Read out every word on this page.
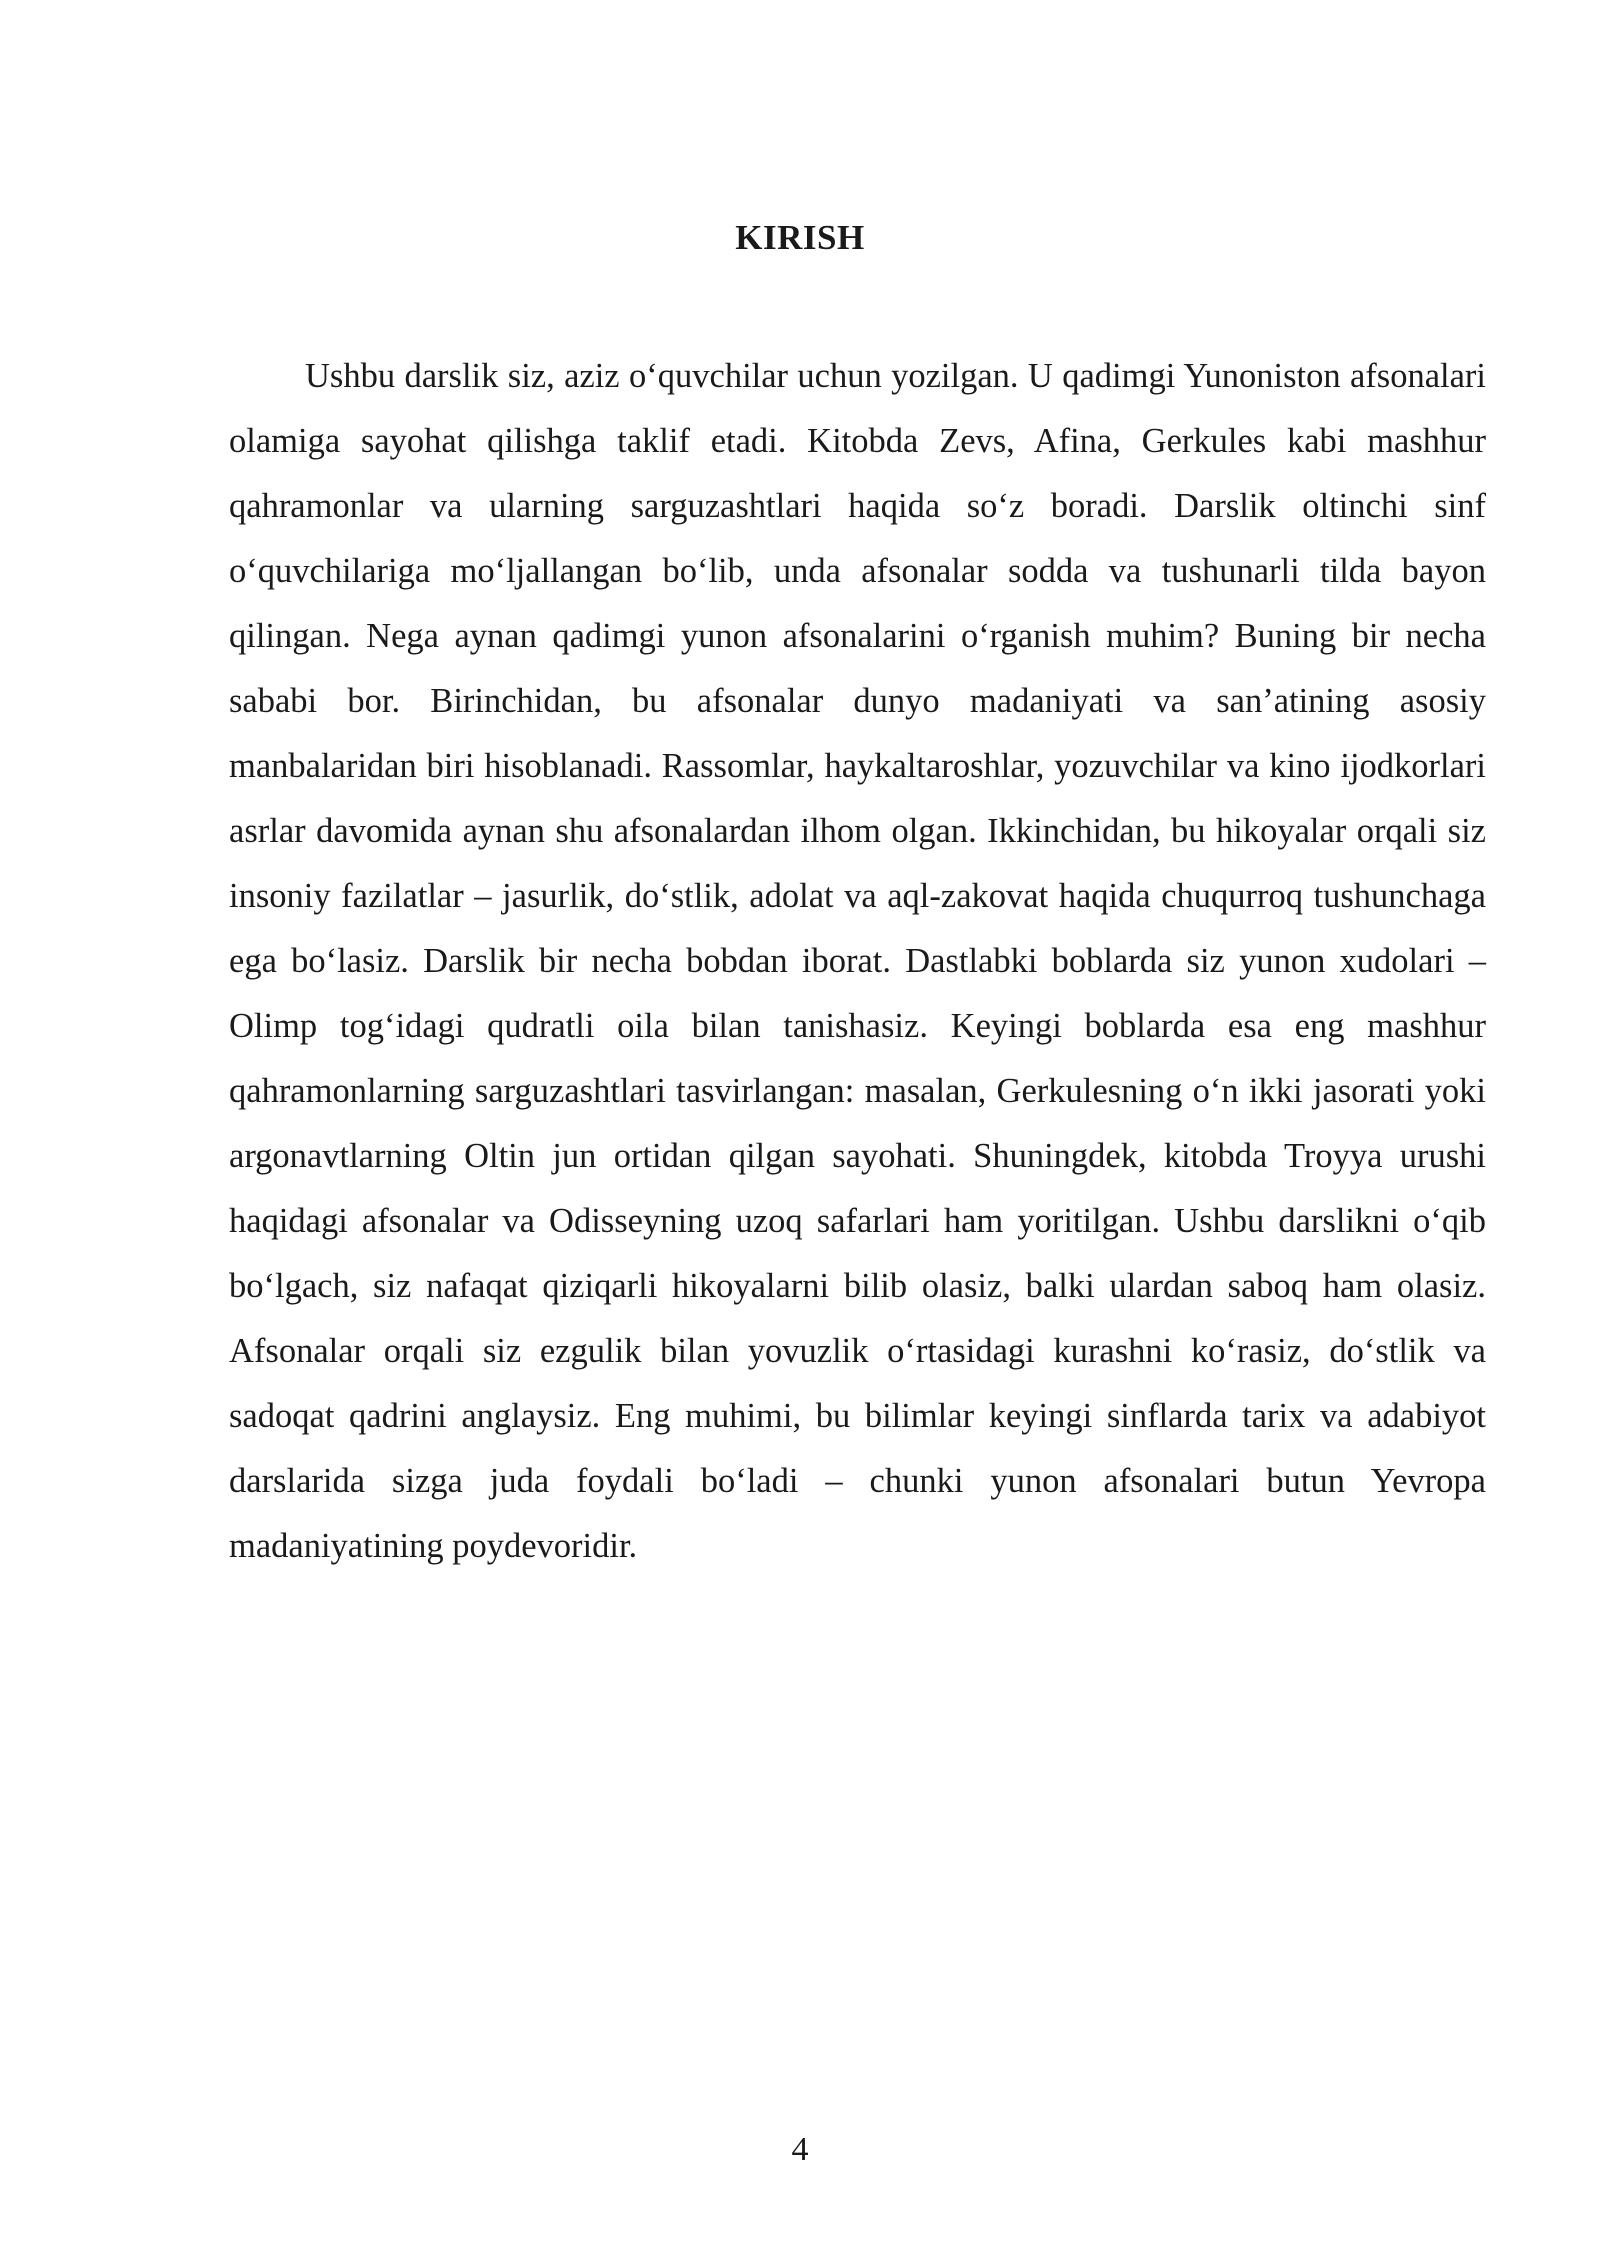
KIRISH

Ushbu darslik siz, aziz o‘quvchilar uchun yozilgan. U qadimgi Yunoniston afsonalari olamiga sayohat qilishga taklif etadi. Kitobda Zevs, Afina, Gerkules kabi mashhur qahramonlar va ularning sarguzashtlari haqida so‘z boradi. Darslik oltinchi sinf o‘quvchilariga mo‘ljallangan bo‘lib, unda afsonalar sodda va tushunarli tilda bayon qilingan. Nega aynan qadimgi yunon afsonalarini o‘rganish muhim? Buning bir necha sababi bor. Birinchidan, bu afsonalar dunyo madaniyati va san’atining asosiy manbalaridan biri hisoblanadi. Rassomlar, haykaltaroshlar, yozuvchilar va kino ijodkorlari asrlar davomida aynan shu afsonalardan ilhom olgan. Ikkinchidan, bu hikoyalar orqali siz insoniy fazilatlar – jasurlik, do‘stlik, adolat va aql-zakovat haqida chuqurroq tushunchaga ega bo‘lasiz. Darslik bir necha bobdan iborat. Dastlabki boblarda siz yunon xudolari – Olimp tog‘idagi qudratli oila bilan tanishasiz. Keyingi boblarda esa eng mashhur qahramonlarning sarguzashtlari tasvirlangan: masalan, Gerkulesning o‘n ikki jasorati yoki argonavtlarning Oltin jun ortidan qilgan sayohati. Shuningdek, kitobda Troyya urushi haqidagi afsonalar va Odisseyning uzoq safarlari ham yoritilgan. Ushbu darslikni o‘qib bo‘lgach, siz nafaqat qiziqarli hikoyalarni bilib olasiz, balki ulardan saboq ham olasiz. Afsonalar orqali siz ezgulik bilan yovuzlik o‘rtasidagi kurashni ko‘rasiz, do‘stlik va sadoqat qadrini anglaysiz. Eng muhimi, bu bilimlar keyingi sinflarda tarix va adabiyot darslarida sizga juda foydali bo‘ladi – chunki yunon afsonalari butun Yevropa madaniyatining poydevoridir.

4
